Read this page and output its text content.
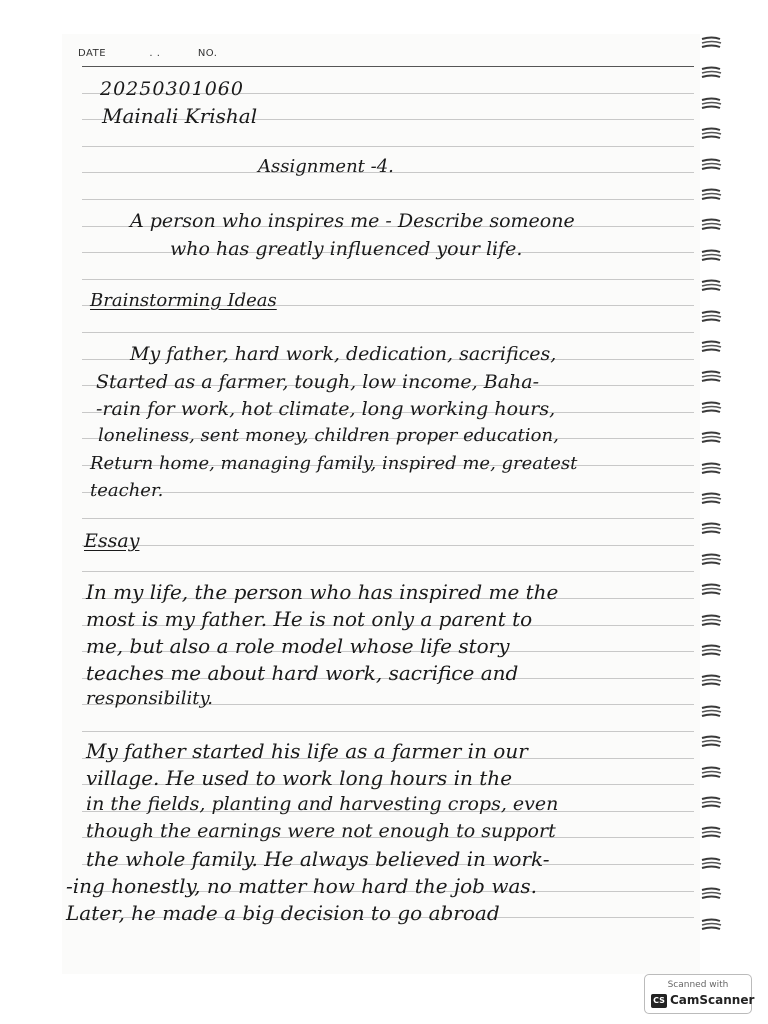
DATE	. .	NO.
20250301060
Mainali Krishal
Assignment -4.
A person who inspires me - Describe someone
who has greatly influenced your life.
Brainstorming Ideas
My father, hard work, dedication, sacrifices,
Started as a farmer, tough, low income, Baha-
-rain for work, hot climate, long working hours,
loneliness, sent money, children proper education,
Return home, managing family, inspired me, greatest
teacher.
Essay
In my life, the person who has inspired me the
most is my father. He is not only a parent to
me, but also a role model whose life story
teaches me about hard work, sacrifice and
responsibility.
My father started his life as a farmer in our
village. He used to work long hours in the
in the fields, planting and harvesting crops, even
though the earnings were not enough to support
the whole family. He always believed in work-
-ing honestly, no matter how hard the job was.
Later, he made a big decision to go abroad
Scanned with
CS CamScanner
